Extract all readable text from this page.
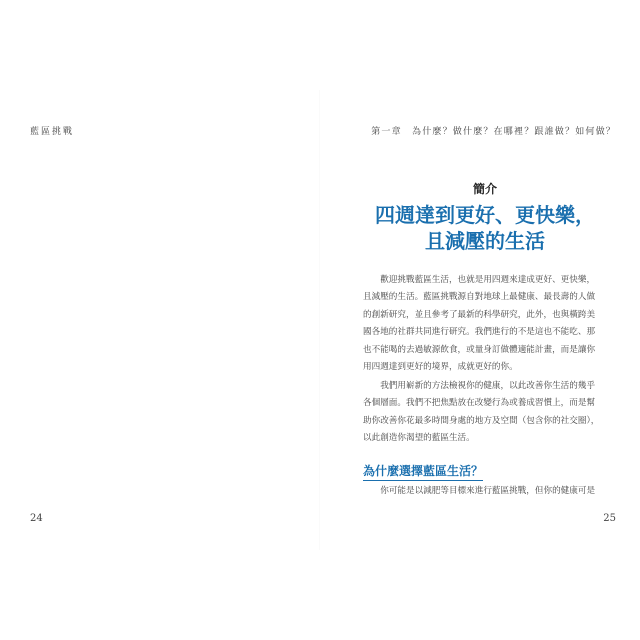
藍區挑戰
24
第一章　為什麼？做什麼？在哪裡？跟誰做？如何做？
簡介
四週達到更好、更快樂，
且減壓的生活
歡迎挑戰藍區生活，也就是用四週來達成更好、更快樂，
且減壓的生活。藍區挑戰源自對地球上最健康、最長壽的人做
的創新研究，並且參考了最新的科學研究，此外，也與橫跨美
國各地的社群共同進行研究。我們進行的不是這也不能吃、那
也不能喝的去過敏源飲食，或量身訂做體適能計畫，而是讓你
用四週達到更好的境界，成就更好的你。
我們用嶄新的方法檢視你的健康，以此改善你生活的幾乎
各個層面。我們不把焦點放在改變行為或養成習慣上，而是幫
助你改善你花最多時間身處的地方及空間（包含你的社交圈），
以此創造你渴望的藍區生活。
為什麼選擇藍區生活？
你可能是以減肥等目標來進行藍區挑戰，但你的健康可是
25
